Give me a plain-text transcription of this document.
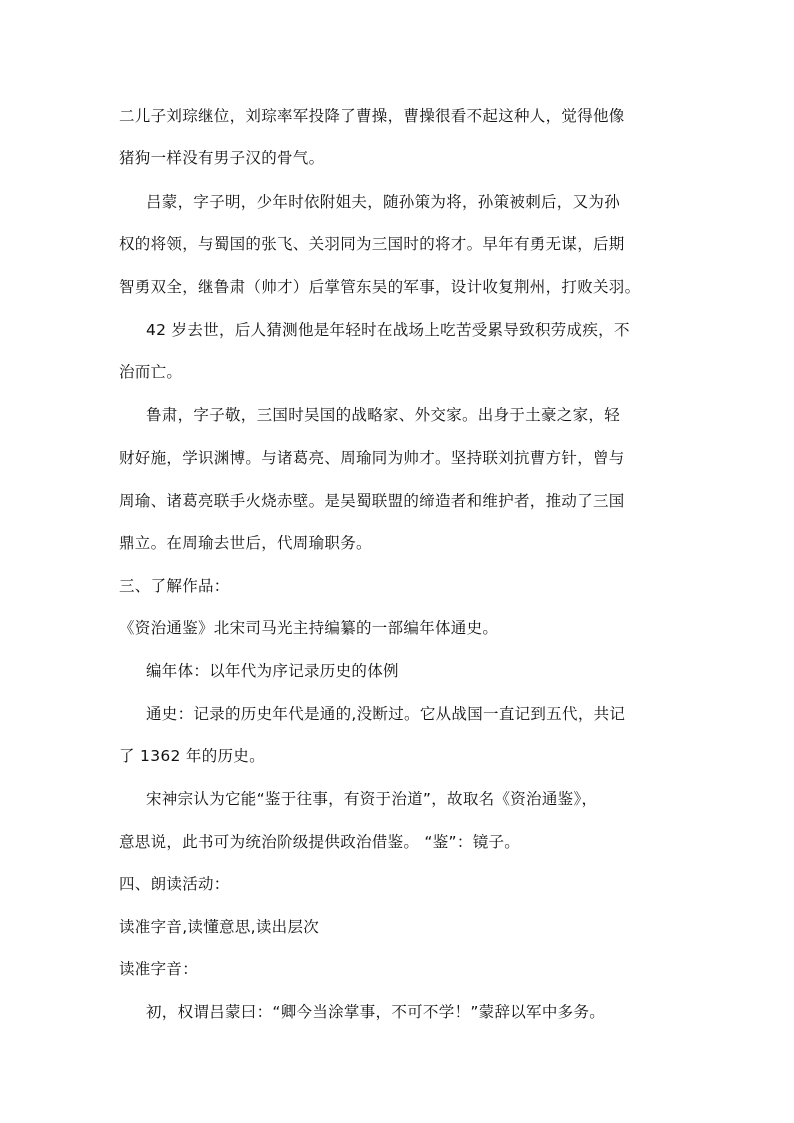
二儿子刘琮继位，刘琮率军投降了曹操，曹操很看不起这种人，觉得他像
猪狗一样没有男子汉的骨气。
吕蒙，字子明，少年时依附姐夫，随孙策为将，孙策被刺后，又为孙
权的将领，与蜀国的张飞、关羽同为三国时的将才。早年有勇无谋，后期
智勇双全，继鲁肃（帅才）后掌管东吴的军事，设计收复荆州，打败关羽。
42 岁去世，后人猜测他是年轻时在战场上吃苦受累导致积劳成疾，不
治而亡。
鲁肃，字子敬，三国时吴国的战略家、外交家。出身于土豪之家，轻
财好施，学识渊博。与诸葛亮、周瑜同为帅才。坚持联刘抗曹方针，曾与
周瑜、诸葛亮联手火烧赤壁。是吴蜀联盟的缔造者和维护者，推动了三国
鼎立。在周瑜去世后，代周瑜职务。
三、了解作品：
《资治通鉴》北宋司马光主持编纂的一部编年体通史。
编年体：以年代为序记录历史的体例
通史：记录的历史年代是通的,没断过。它从战国一直记到五代，共记
了 1362 年的历史。
宋神宗认为它能“鉴于往事，有资于治道”，故取名《资治通鉴》，
意思说，此书可为统治阶级提供政治借鉴。 “鉴”：镜子。
四、朗读活动：
读准字音,读懂意思,读出层次
读准字音：
初，权谓吕蒙曰：“卿今当涂掌事，不可不学！”蒙辞以军中多务。
